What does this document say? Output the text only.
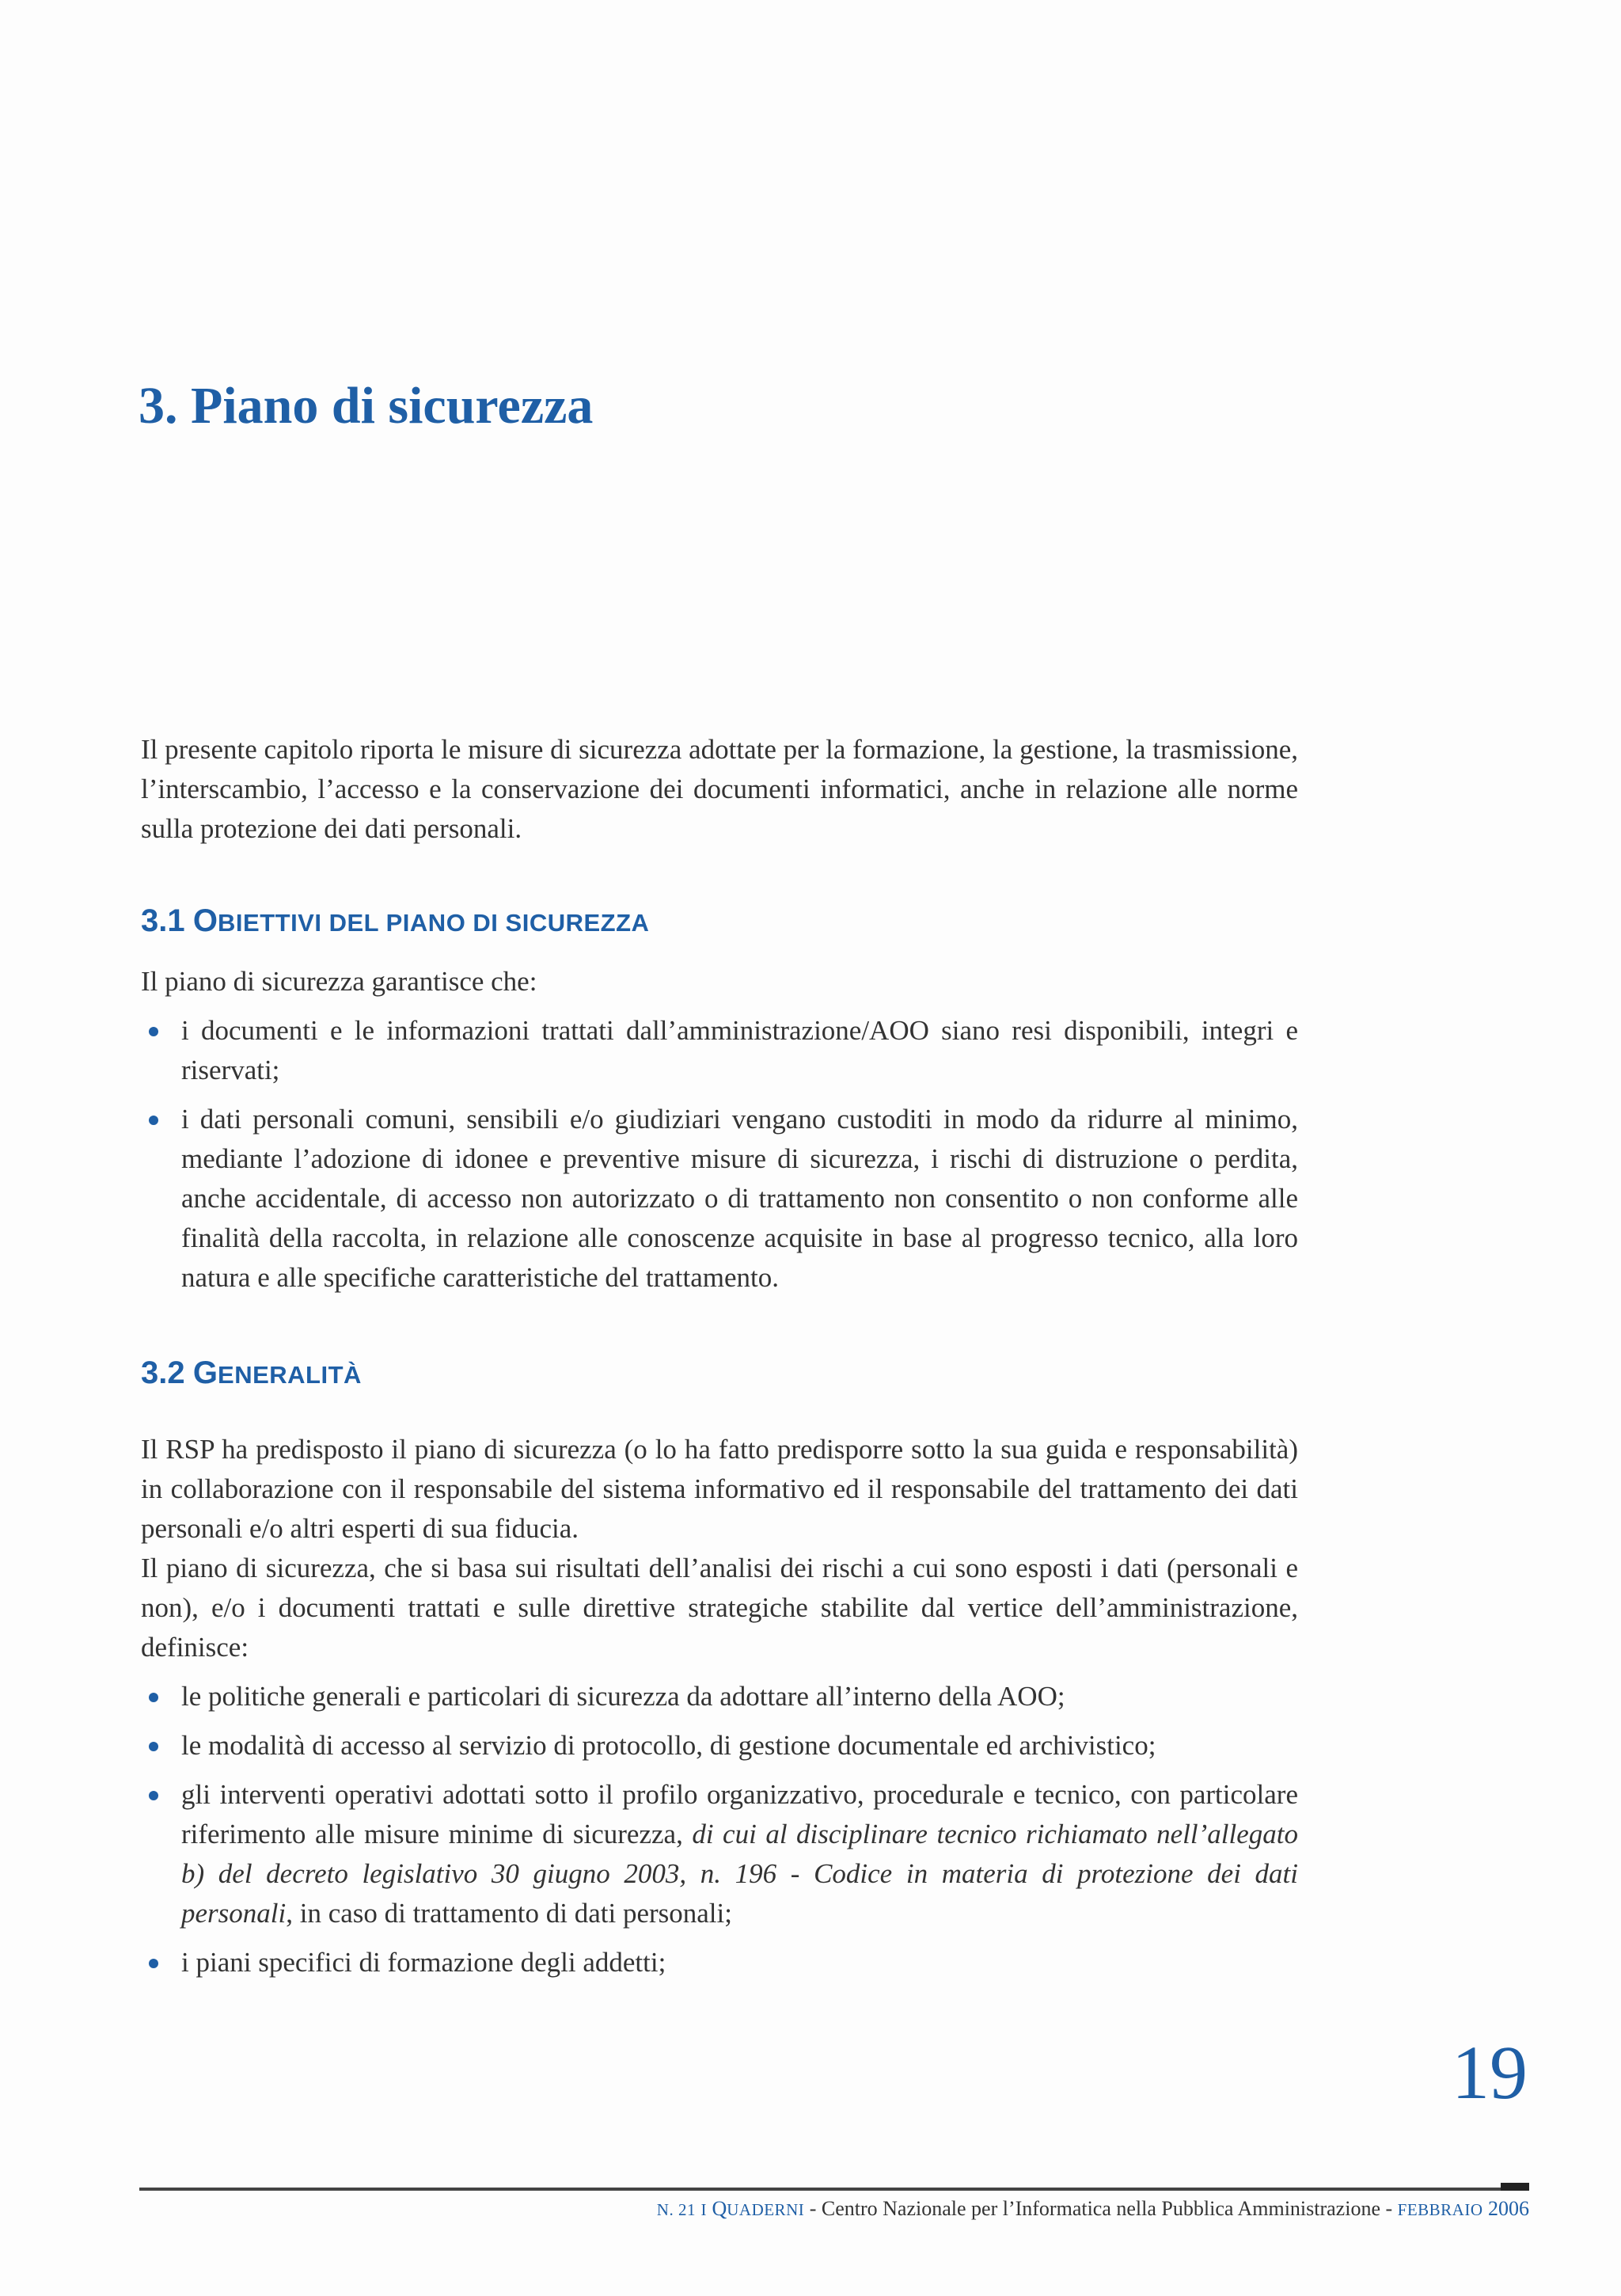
3. Piano di sicurezza

Il presente capitolo riporta le misure di sicurezza adottate per la formazione, la gestione, la trasmissione, l’interscambio, l’accesso e la conservazione dei documenti informatici, anche in relazione alle norme sulla protezione dei dati personali.

3.1 OBIETTIVI DEL PIANO DI SICUREZZA

Il piano di sicurezza garantisce che:

i documenti e le informazioni trattati dall’amministrazione/AOO siano resi disponibili, integri e riservati;
i dati personali comuni, sensibili e/o giudiziari vengano custoditi in modo da ridurre al minimo, mediante l’adozione di idonee e preventive misure di sicurezza, i rischi di distruzione o perdita, anche accidentale, di accesso non autorizzato o di trattamento non consentito o non conforme alle finalità della raccolta, in relazione alle conoscenze acquisite in base al progresso tecnico, alla loro natura e alle specifiche caratteristiche del trattamento.
3.2 GENERALITÀ

Il RSP ha predisposto il piano di sicurezza (o lo ha fatto predisporre sotto la sua guida e responsabilità) in collaborazione con il responsabile del sistema informativo ed il responsabile del trattamento dei dati personali e/o altri esperti di sua fiducia.

Il piano di sicurezza, che si basa sui risultati dell’analisi dei rischi a cui sono esposti i dati (personali e non), e/o i documenti trattati e sulle direttive strategiche stabilite dal vertice dell’amministrazione, definisce:

le politiche generali e particolari di sicurezza da adottare all’interno della AOO;
le modalità di accesso al servizio di protocollo, di gestione documentale ed archivistico;
gli interventi operativi adottati sotto il profilo organizzativo, procedurale e tecnico, con particolare riferimento alle misure minime di sicurezza, di cui al disciplinare tecnico richiamato nell’allegato b) del decreto legislativo 30 giugno 2003, n. 196 - Codice in materia di protezione dei dati personali, in caso di trattamento di dati personali;
i piani specifici di formazione degli addetti;
19

N. 21 I QUADERNI - Centro Nazionale per l’Informatica nella Pubblica Amministrazione - FEBBRAIO 2006
